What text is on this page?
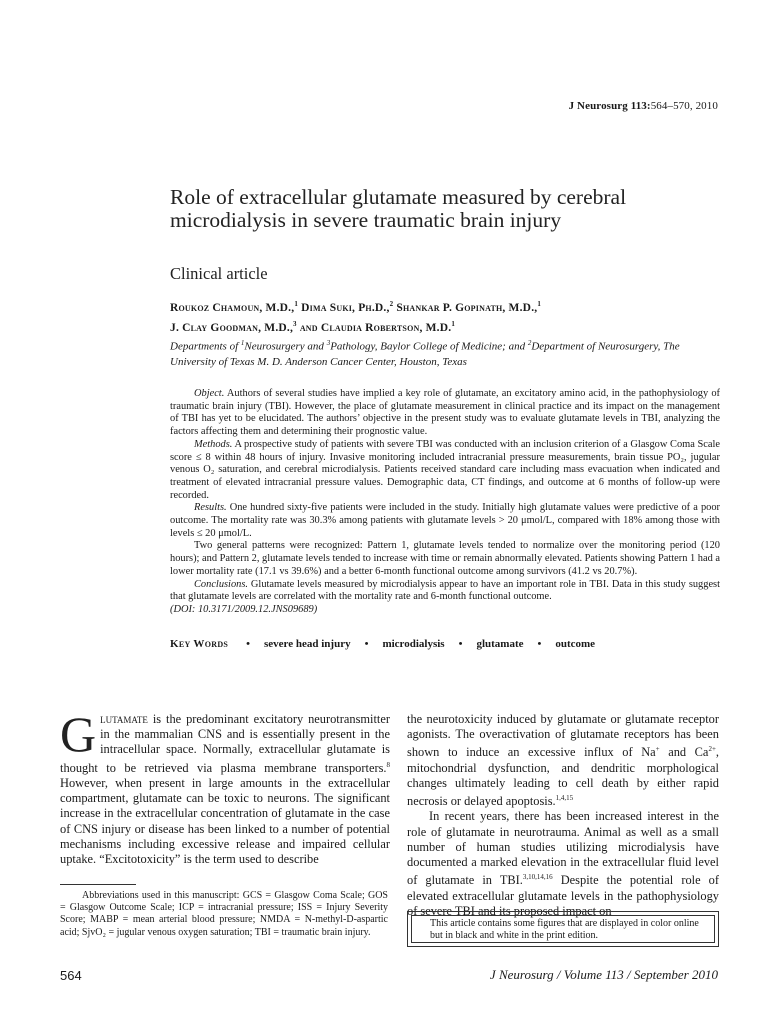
J Neurosurg 113:564–570, 2010
Role of extracellular glutamate measured by cerebral microdialysis in severe traumatic brain injury
Clinical article
Roukoz Chamoun, M.D.,$^1$ Dima Suki, Ph.D.,$^2$ Shankar P. Gopinath, M.D.,$^1$
J. Clay Goodman, M.D.,$^3$ and Claudia Robertson, M.D.$^1$
Departments of $^1$Neurosurgery and $^3$Pathology, Baylor College of Medicine; and $^2$Department of Neurosurgery, The University of Texas M. D. Anderson Cancer Center, Houston, Texas

Object. Authors of several studies have implied a key role of glutamate, an excitatory amino acid, in the pathophysiology of traumatic brain injury (TBI). However, the place of glutamate measurement in clinical practice and its impact on the management of TBI has yet to be elucidated. The authors’ objective in the present study was to evaluate glutamate levels in TBI, analyzing the factors affecting them and determining their prognostic value.

Methods. A prospective study of patients with severe TBI was conducted with an inclusion criterion of a Glasgow Coma Scale score ≤ 8 within 48 hours of injury. Invasive monitoring included intracranial pressure measurements, brain tissue PO₂, jugular venous O₂ saturation, and cerebral microdialysis. Patients received standard care including mass evacuation when indicated and treatment of elevated intracranial pressure values. Demographic data, CT findings, and outcome at 6 months of follow-up were recorded.

Results. One hundred sixty-five patients were included in the study. Initially high glutamate values were predictive of a poor outcome. The mortality rate was 30.3% among patients with glutamate levels > 20 μmol/L, compared with 18% among those with levels ≤ 20 μmol/L.

Two general patterns were recognized: Pattern 1, glutamate levels tended to normalize over the monitoring period (120 hours); and Pattern 2, glutamate levels tended to increase with time or remain abnormally elevated. Patients showing Pattern 1 had a lower mortality rate (17.1 vs 39.6%) and a better 6-month functional outcome among survivors (41.2 vs 20.7%).

Conclusions. Glutamate levels measured by microdialysis appear to have an important role in TBI. Data in this study suggest that glutamate levels are correlated with the mortality rate and 6-month functional outcome.
(DOI: 10.3171/2009.12.JNS09689)

Key Words • severe head injury • microdialysis • glutamate • outcome

Glutamate is the predominant excitatory neurotransmitter in the mammalian CNS and is essentially present in the intracellular space. Normally, extracellular glutamate is thought to be retrieved via plasma membrane transporters.$^8$ However, when present in large amounts in the extracellular compartment, glutamate can be toxic to neurons. The significant increase in the extracellular concentration of glutamate in the case of CNS injury or disease has been linked to a number of potential mechanisms including excessive release and impaired cellular uptake. “Excitotoxicity” is the term used to describe

the neurotoxicity induced by glutamate or glutamate receptor agonists. The overactivation of glutamate receptors has been shown to induce an excessive influx of Na+ and $Ca^{2+}$, mitochondrial dysfunction, and dendritic morphological changes ultimately leading to cell death by either rapid necrosis or delayed apoptosis.$^{1,4,15}$

In recent years, there has been increased interest in the role of glutamate in neurotrauma. Animal as well as a small number of human studies utilizing microdialysis have documented a marked elevation in the extracellular fluid level of glutamate in TBI.$^{3,10,14,16}$ Despite the potential role of elevated extracellular glutamate levels in the pathophysiology of severe TBI and its proposed impact on

Abbreviations used in this manuscript: GCS = Glasgow Coma Scale; GOS = Glasgow Outcome Scale; ICP = intracranial pressure; ISS = Injury Severity Score; MABP = mean arterial blood pressure; NMDA = N-methyl-D-aspartic acid; SjvO₂ = jugular venous oxygen saturation; TBI = traumatic brain injury.

This article contains some figures that are displayed in color online but in black and white in the print edition.
564	J Neurosurg / Volume 113 / September 2010
